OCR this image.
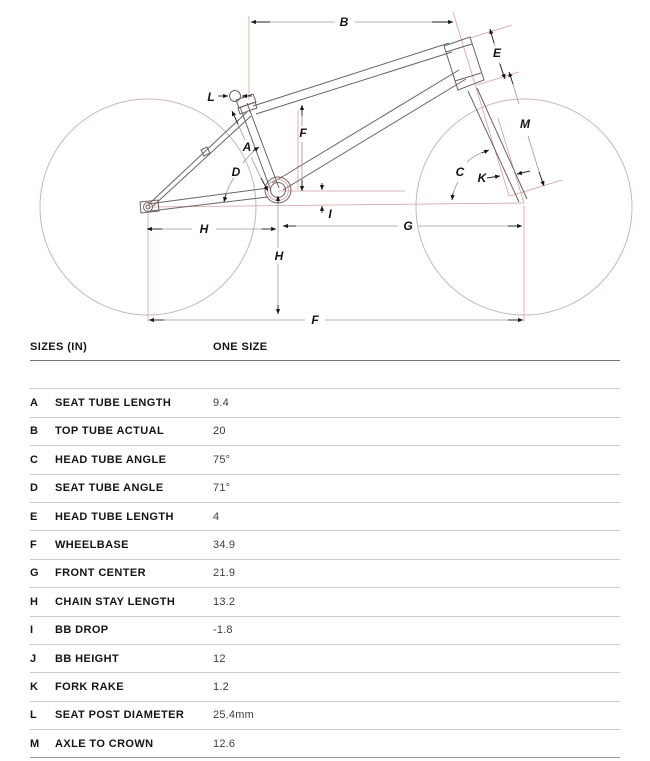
B
E
L
M
F
A
D	C K
H
I
G
H
F
SIZES (IN)	ONE SIZE
A	SEAT TUBE LENGTH	9.4
B	TOP TUBE ACTUAL	20
C	HEAD TUBE ANGLE	75°
D	SEAT TUBE ANGLE	71°
E	HEAD TUBE LENGTH	4
F	WHEELBASE	34.9
G	FRONT CENTER	21.9
H	CHAIN STAY LENGTH	13.2
I	BB DROP	-1.8
J	BB HEIGHT	12
K	FORK RAKE	1.2
L	SEAT POST DIAMETER	25.4mm
M	AXLE TO CROWN	12.6
